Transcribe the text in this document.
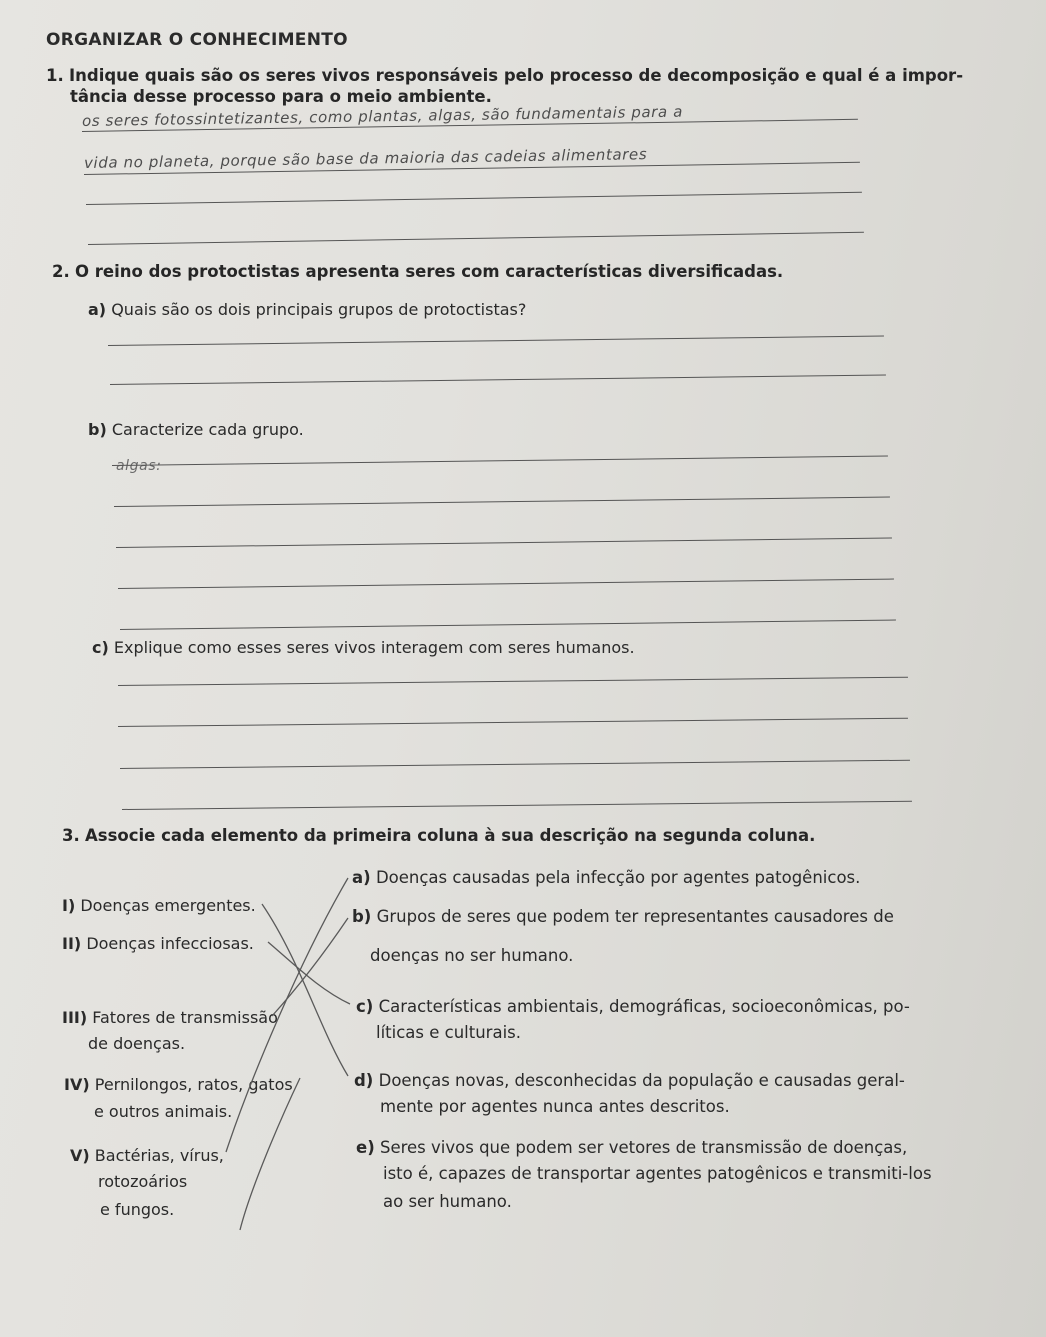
ORGANIZAR O CONHECIMENTO
1. Indique quais são os seres vivos responsáveis pelo processo de decomposição e qual é a impor-
tância desse processo para o meio ambiente.
os seres fotossintetizantes, como plantas, algas, são fundamentais para a
vida no planeta, porque são base da maioria das cadeias alimentares
2. O reino dos protoctistas apresenta seres com características diversificadas.
a) Quais são os dois principais grupos de protoctistas?
b) Caracterize cada grupo.
algas:
c) Explique como esses seres vivos interagem com seres humanos.
3. Associe cada elemento da primeira coluna à sua descrição na segunda coluna.
I) Doenças emergentes.
II) Doenças infecciosas.
III) Fatores de transmissão
de doenças.
IV) Pernilongos, ratos, gatos
e outros animais.
V) Bactérias, vírus,
rotozoários
e fungos.
a) Doenças causadas pela infecção por agentes patogênicos.
b) Grupos de seres que podem ter representantes causadores de
doenças no ser humano.
c) Características ambientais, demográficas, socioeconômicas, po-
líticas e culturais.
d) Doenças novas, desconhecidas da população e causadas geral-
mente por agentes nunca antes descritos.
e) Seres vivos que podem ser vetores de transmissão de doenças,
isto é, capazes de transportar agentes patogênicos e transmiti-los
ao ser humano.
